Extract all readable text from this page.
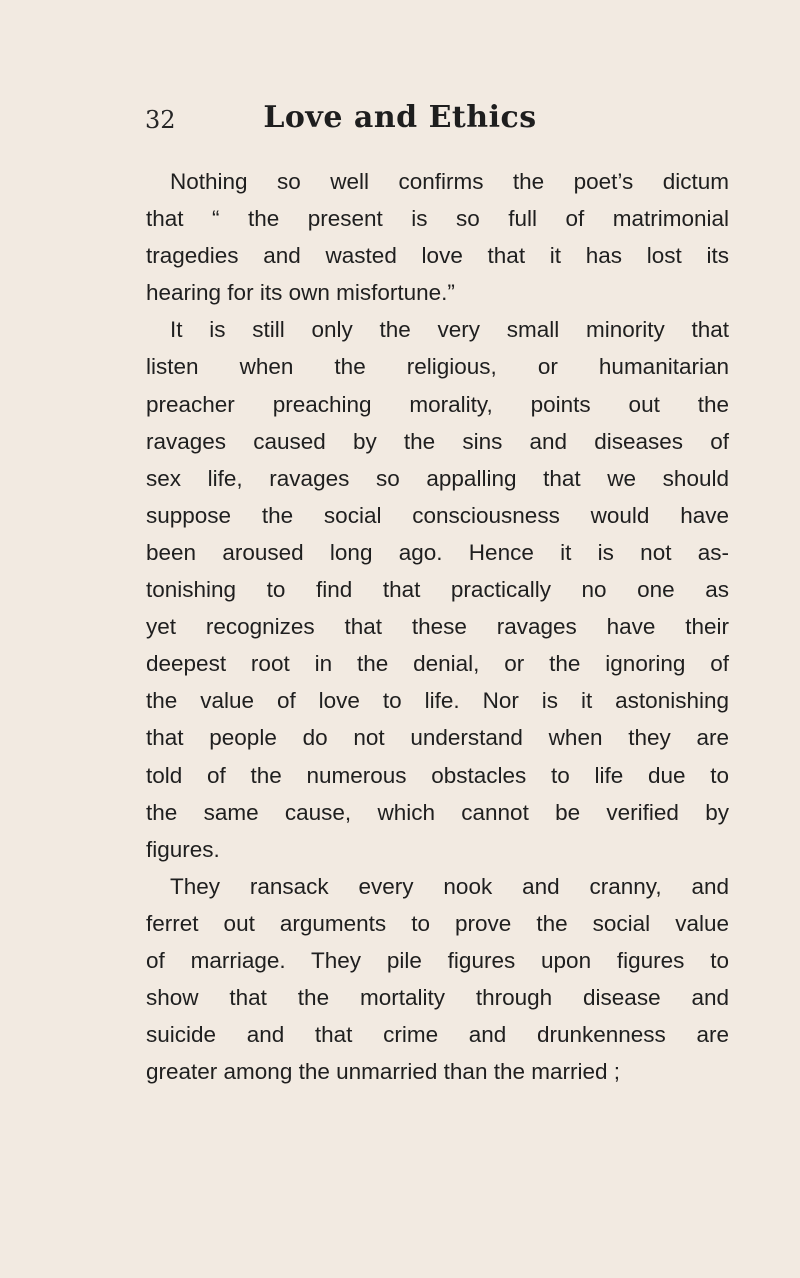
32	Love and Ethics
Nothing so well confirms the poet’s dictum
that “ the present is so full of matrimonial
tragedies and wasted love that it has lost its
hearing for its own misfortune.”
It is still only the very small minority that
listen when the religious, or humanitarian
preacher preaching morality, points out the
ravages caused by the sins and diseases of
sex life, ravages so appalling that we should
suppose the social consciousness would have
been aroused long ago. Hence it is not as-
tonishing to find that practically no one as
yet recognizes that these ravages have their
deepest root in the denial, or the ignoring of
the value of love to life. Nor is it astonishing
that people do not understand when they are
told of the numerous obstacles to life due to
the same cause, which cannot be verified by
figures.
They ransack every nook and cranny, and
ferret out arguments to prove the social value
of marriage. They pile figures upon figures to
show that the mortality through disease and
suicide and that crime and drunkenness are
greater among the unmarried than the married ;
